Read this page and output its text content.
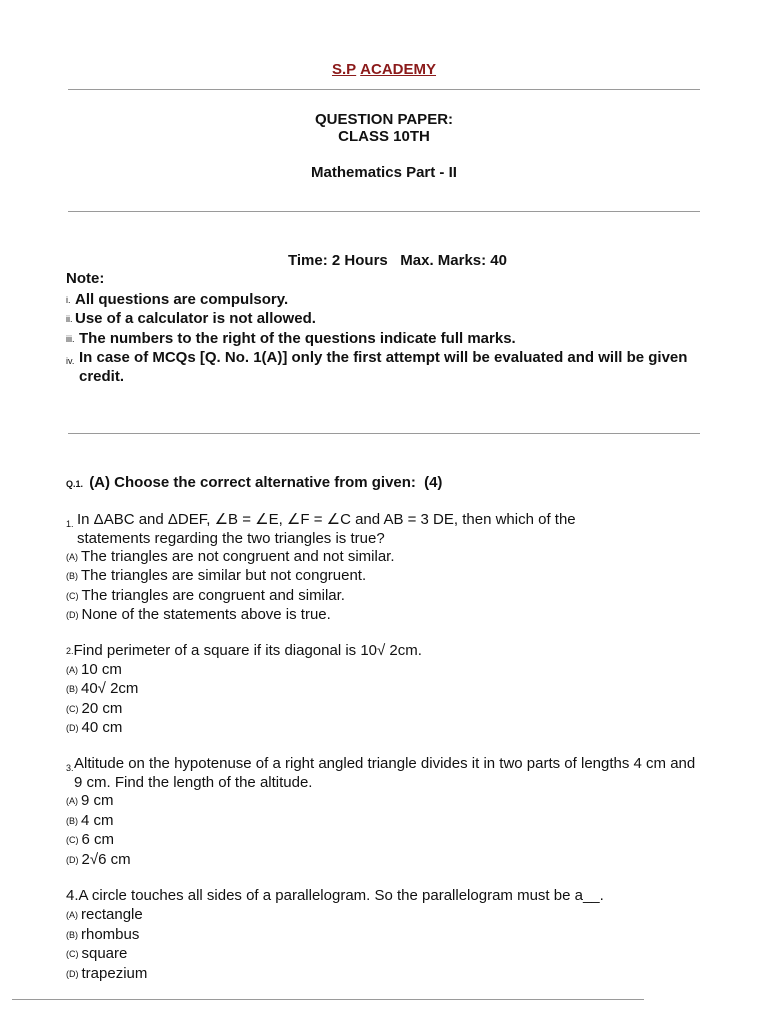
S.P ACADEMY
QUESTION PAPER:
CLASS 10TH
Mathematics Part - II
Time: 2 Hours Max. Marks: 40
Note:
i. All questions are compulsory.
ii. Use of a calculator is not allowed.
iii. The numbers to the right of the questions indicate full marks.
iv. In case of MCQs [Q. No. 1(A)] only the first attempt will be evaluated and will be given credit.
Q.1. (A) Choose the correct alternative from given: (4)
1. In ΔABC and ΔDEF, ∠B = ∠E, ∠F = ∠C and AB = 3 DE, then which of the statements regarding the two triangles is true?
(A) The triangles are not congruent and not similar.
(B) The triangles are similar but not congruent.
(C) The triangles are congruent and similar.
(D) None of the statements above is true.
2.Find perimeter of a square if its diagonal is 10√ 2cm.
(A) 10 cm
(B) 40√ 2cm
(C) 20 cm
(D) 40 cm
3. Altitude on the hypotenuse of a right angled triangle divides it in two parts of lengths 4 cm and 9 cm. Find the length of the altitude.
(A) 9 cm
(B) 4 cm
(C) 6 cm
(D) 2√6 cm
4.A circle touches all sides of a parallelogram. So the parallelogram must be a__.
(A) rectangle
(B) rhombus
(C) square
(D) trapezium
